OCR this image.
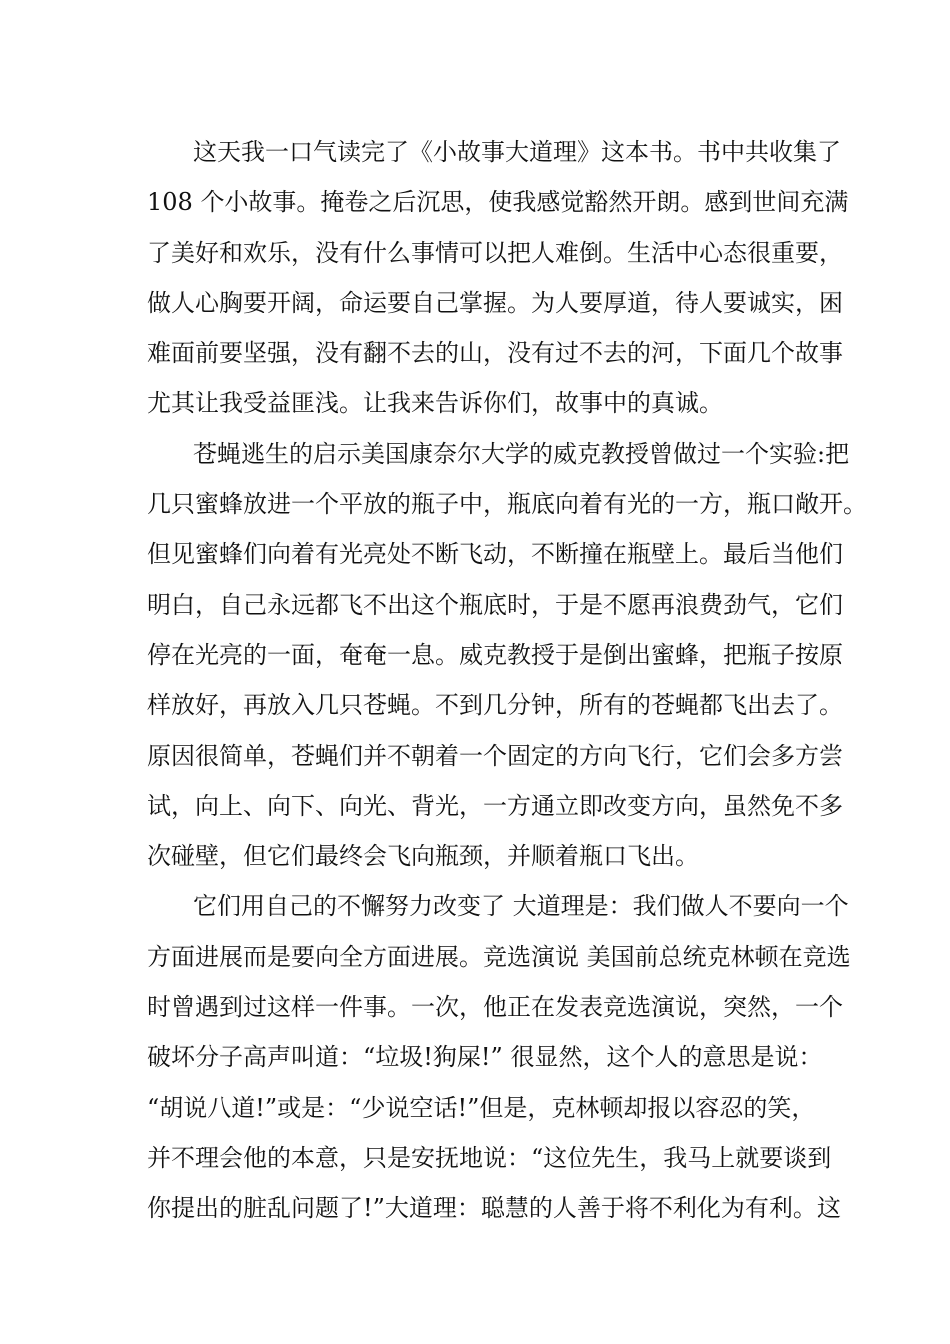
这天我一口气读完了《小故事大道理》这本书。书中共收集了
108 个小故事。掩卷之后沉思，使我感觉豁然开朗。感到世间充满
了美好和欢乐，没有什么事情可以把人难倒。生活中心态很重要，
做人心胸要开阔，命运要自己掌握。为人要厚道，待人要诚实，困
难面前要坚强，没有翻不去的山，没有过不去的河，下面几个故事
尤其让我受益匪浅。让我来告诉你们，故事中的真诚。
苍蝇逃生的启示美国康奈尔大学的威克教授曾做过一个实验:把
几只蜜蜂放进一个平放的瓶子中，瓶底向着有光的一方，瓶口敞开。
但见蜜蜂们向着有光亮处不断飞动，不断撞在瓶壁上。最后当他们
明白，自己永远都飞不出这个瓶底时，于是不愿再浪费劲气，它们
停在光亮的一面，奄奄一息。威克教授于是倒出蜜蜂，把瓶子按原
样放好，再放入几只苍蝇。不到几分钟，所有的苍蝇都飞出去了。
原因很简单，苍蝇们并不朝着一个固定的方向飞行，它们会多方尝
试，向上、向下、向光、背光，一方通立即改变方向，虽然免不多
次碰壁，但它们最终会飞向瓶颈，并顺着瓶口飞出。
它们用自己的不懈努力改变了 大道理是：我们做人不要向一个
方面进展而是要向全方面进展。竞选演说 美国前总统克林顿在竞选
时曾遇到过这样一件事。一次，他正在发表竞选演说，突然，一个
破坏分子高声叫道：“垃圾!狗屎!” 很显然，这个人的意思是说：
“胡说八道!”或是：“少说空话!”但是，克林顿却报以容忍的笑，
并不理会他的本意，只是安抚地说：“这位先生，我马上就要谈到
你提出的脏乱问题了!”大道理：聪慧的人善于将不利化为有利。这
